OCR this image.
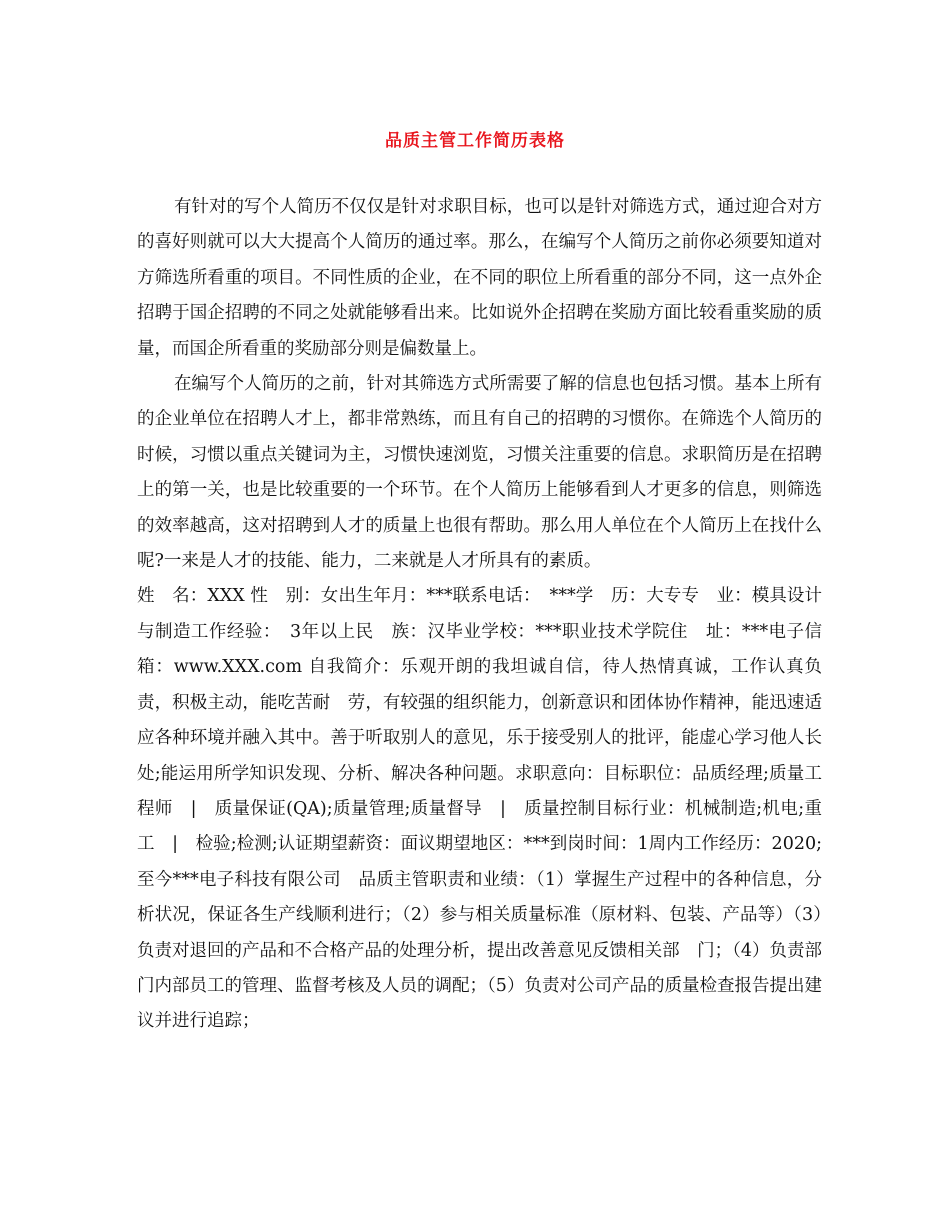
品质主管工作简历表格

有针对的写个人简历不仅仅是针对求职目标，也可以是针对筛选方式，通过迎合对方的喜好则就可以大大提高个人简历的通过率。那么，在编写个人简历之前你必须要知道对方筛选所看重的项目。不同性质的企业，在不同的职位上所看重的部分不同，这一点外企招聘于国企招聘的不同之处就能够看出来。比如说外企招聘在奖励方面比较看重奖励的质量，而国企所看重的奖励部分则是偏数量上。

在编写个人简历的之前，针对其筛选方式所需要了解的信息也包括习惯。基本上所有的企业单位在招聘人才上，都非常熟练，而且有自己的招聘的习惯你。在筛选个人简历的时候，习惯以重点关键词为主，习惯快速浏览，习惯关注重要的信息。求职简历是在招聘上的第一关，也是比较重要的一个环节。在个人简历上能够看到人才更多的信息，则筛选的效率越高，这对招聘到人才的质量上也很有帮助。那么用人单位在个人简历上在找什么呢?一来是人才的技能、能力，二来就是人才所具有的素质。

姓　名：XXX 性　别：女出生年月：***联系电话：　***学　历：大专专　业：模具设计与制造工作经验：　3年以上民　族：汉毕业学校：***职业技术学院住　址：***电子信箱：www.XXX.com 自我简介：乐观开朗的我坦诚自信，待人热情真诚，工作认真负责，积极主动，能吃苦耐　劳，有较强的组织能力，创新意识和团体协作精神，能迅速适应各种环境并融入其中。善于听取别人的意见，乐于接受别人的批评，能虚心学习他人长处;能运用所学知识发现、分析、解决各种问题。求职意向：目标职位：品质经理;质量工程师　|　质量保证(QA);质量管理;质量督导　|　质量控制目标行业：机械制造;机电;重工　|　检验;检测;认证期望薪资：面议期望地区：***到岗时间：1周内工作经历：2020;至今***电子科技有限公司　品质主管职责和业绩：（1）掌握生产过程中的各种信息，分析状况，保证各生产线顺利进行；（2）参与相关质量标准（原材料、包装、产品等）（3）负责对退回的产品和不合格产品的处理分析，提出改善意见反馈相关部　门；（4）负责部门内部员工的管理、监督考核及人员的调配；（5）负责对公司产品的质量检查报告提出建议并进行追踪；
